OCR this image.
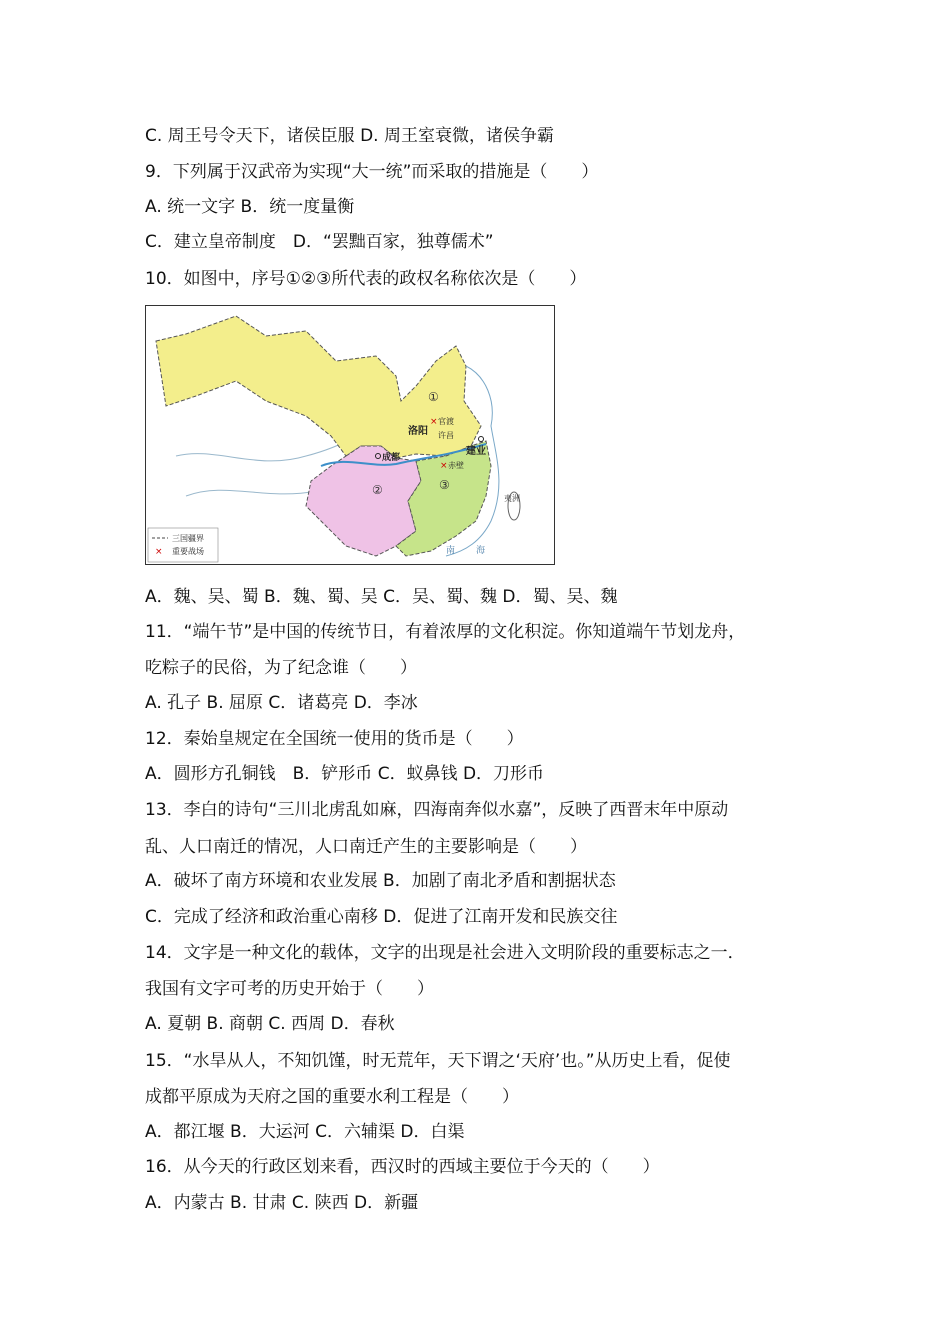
C. 周王号令天下，诸侯臣服 D. 周王室衰微，诸侯争霸
9．下列属于汉武帝为实现“大一统”而采取的措施是（　　）
A. 统一文字 B．统一度量衡
C．建立皇帝制度　D．“罢黜百家，独尊儒术”
10．如图中，序号①②③所代表的政权名称依次是（　　）
①
②	③
洛阳
成都
建业
许昌
官渡
赤壁
×
×
南 海
夷洲
三国疆界
× 重要战场
A．魏、吴、蜀 B．魏、蜀、吴 C．吴、蜀、魏 D．蜀、吴、魏
11．“端午节”是中国的传统节日，有着浓厚的文化积淀。你知道端午节划龙舟，
吃粽子的民俗，为了纪念谁（　　）
A. 孔子 B. 屈原 C．诸葛亮 D．李冰
12．秦始皇规定在全国统一使用的货币是（　　）
A．圆形方孔铜钱　B．铲形币 C．蚁鼻钱 D．刀形币
13．李白的诗句“三川北虏乱如麻，四海南奔似水嘉”，反映了西晋末年中原动
乱、人口南迁的情况，人口南迁产生的主要影响是（　　）
A．破坏了南方环境和农业发展 B．加剧了南北矛盾和割据状态
C．完成了经济和政治重心南移 D．促进了江南开发和民族交往
14．文字是一种文化的载体，文字的出现是社会进入文明阶段的重要标志之一．
我国有文字可考的历史开始于（　　）
A. 夏朝 B. 商朝 C. 西周 D．春秋
15．“水旱从人，不知饥馑，时无荒年，天下谓之‘天府’也。”从历史上看，促使
成都平原成为天府之国的重要水利工程是（　　）
A．都江堰 B．大运河 C．六辅渠 D．白渠
16．从今天的行政区划来看，西汉时的西域主要位于今天的（　　）
A．内蒙古 B. 甘肃 C. 陕西 D．新疆
